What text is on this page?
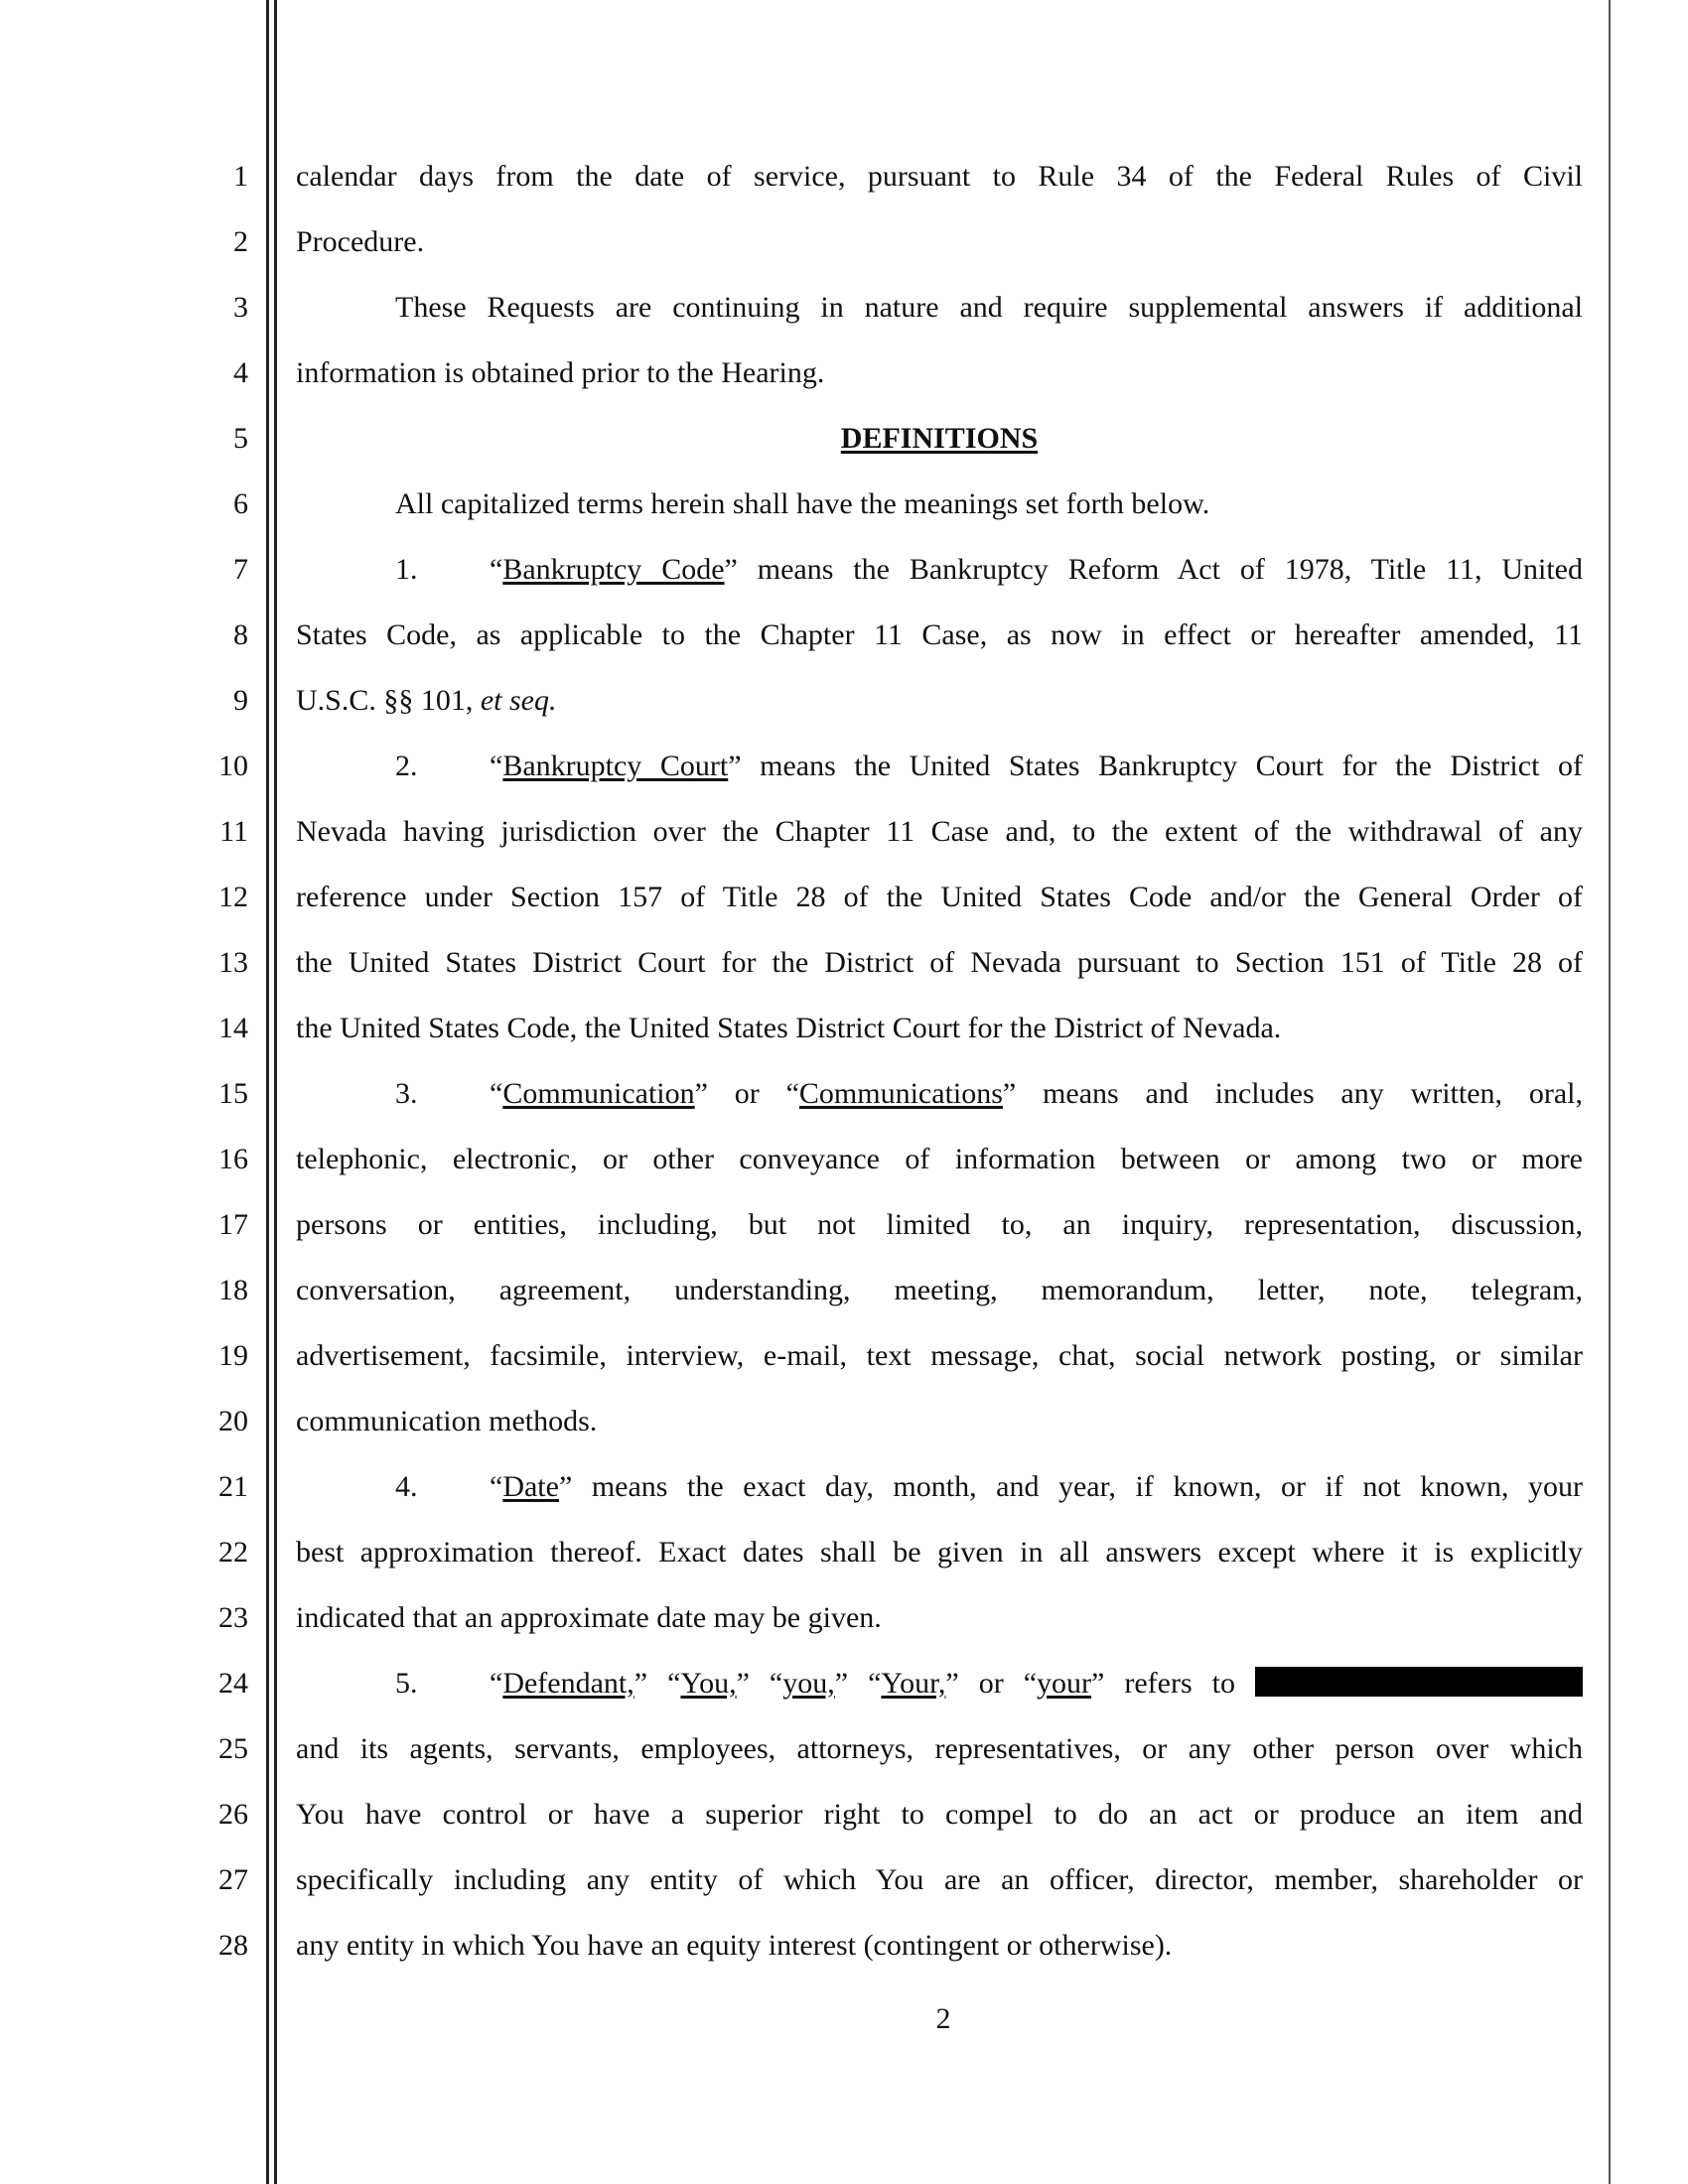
1
2
3
4
5
6
7
8
9
10
11
12
13
14
15
16
17
18
19
20
21
22
23
24
25
26
27
28
calendar days from the date of service, pursuant to Rule 34 of the Federal Rules of Civil
Procedure.
These Requests are continuing in nature and require supplemental answers if additional
information is obtained prior to the Hearing.
DEFINITIONS
All capitalized terms herein shall have the meanings set forth below.
1. “Bankruptcy Code” means the Bankruptcy Reform Act of 1978, Title 11, United
States Code, as applicable to the Chapter 11 Case, as now in effect or hereafter amended, 11
U.S.C. §§ 101, et seq.
2. “Bankruptcy Court” means the United States Bankruptcy Court for the District of
Nevada having jurisdiction over the Chapter 11 Case and, to the extent of the withdrawal of any
reference under Section 157 of Title 28 of the United States Code and/or the General Order of
the United States District Court for the District of Nevada pursuant to Section 151 of Title 28 of
the United States Code, the United States District Court for the District of Nevada.
3. “Communication” or “Communications” means and includes any written, oral,
telephonic, electronic, or other conveyance of information between or among two or more
persons or entities, including, but not limited to, an inquiry, representation, discussion,
conversation, agreement, understanding, meeting, memorandum, letter, note, telegram,
advertisement, facsimile, interview, e-mail, text message, chat, social network posting, or similar
communication methods.
4. “Date” means the exact day, month, and year, if known, or if not known, your
best approximation thereof. Exact dates shall be given in all answers except where it is explicitly
indicated that an approximate date may be given.
5. “Defendant,” “You,” “you,” “Your,” or “your” refers to
and its agents, servants, employees, attorneys, representatives, or any other person over which
You have control or have a superior right to compel to do an act or produce an item and
specifically including any entity of which You are an officer, director, member, shareholder or
any entity in which You have an equity interest (contingent or otherwise).
2
